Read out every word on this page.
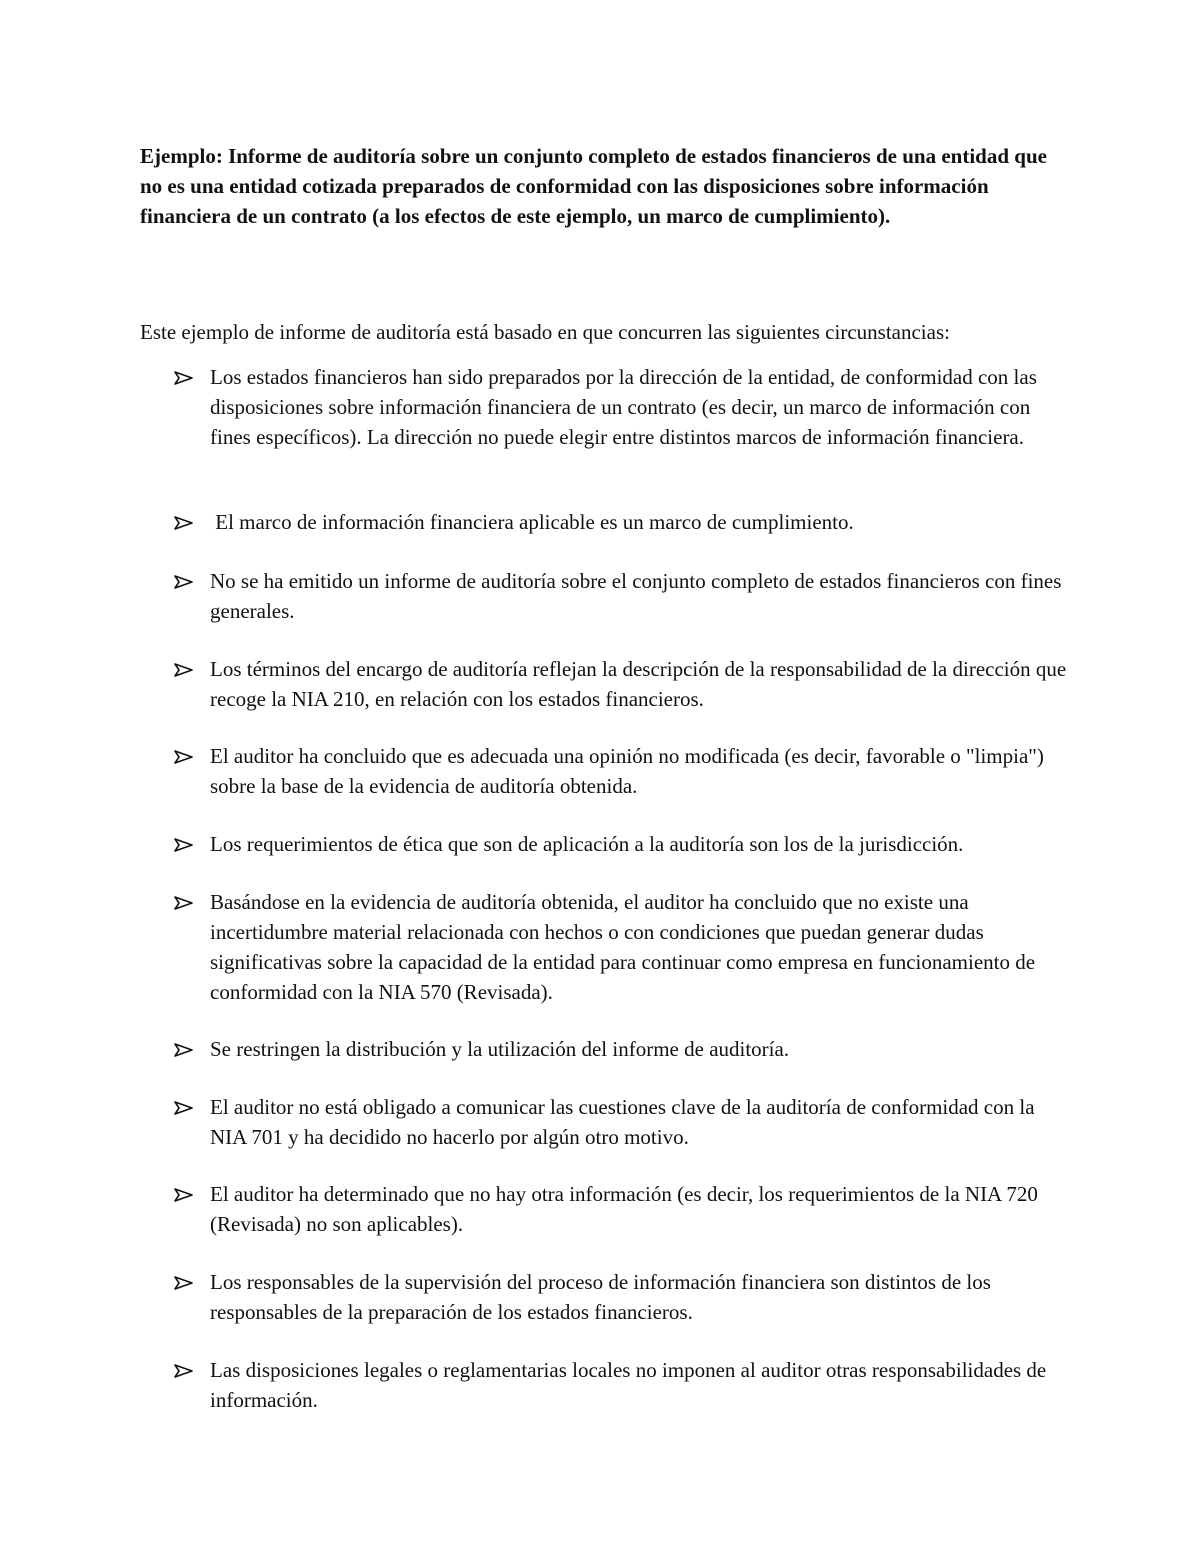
Ejemplo: Informe de auditoría sobre un conjunto completo de estados financieros de una entidad que no es una entidad cotizada preparados de conformidad con las disposiciones sobre información financiera de un contrato (a los efectos de este ejemplo, un marco de cumplimiento).

Este ejemplo de informe de auditoría está basado en que concurren las siguientes circunstancias:

Los estados financieros han sido preparados por la dirección de la entidad, de conformidad con las disposiciones sobre información financiera de un contrato (es decir, un marco de información con fines específicos). La dirección no puede elegir entre distintos marcos de información financiera.
El marco de información financiera aplicable es un marco de cumplimiento.
No se ha emitido un informe de auditoría sobre el conjunto completo de estados financieros con fines generales.
Los términos del encargo de auditoría reflejan la descripción de la responsabilidad de la dirección que recoge la NIA 210, en relación con los estados financieros.
El auditor ha concluido que es adecuada una opinión no modificada (es decir, favorable o "limpia") sobre la base de la evidencia de auditoría obtenida.
Los requerimientos de ética que son de aplicación a la auditoría son los de la jurisdicción.
Basándose en la evidencia de auditoría obtenida, el auditor ha concluido que no existe una incertidumbre material relacionada con hechos o con condiciones que puedan generar dudas significativas sobre la capacidad de la entidad para continuar como empresa en funcionamiento de conformidad con la NIA 570 (Revisada).
Se restringen la distribución y la utilización del informe de auditoría.
El auditor no está obligado a comunicar las cuestiones clave de la auditoría de conformidad con la NIA 701 y ha decidido no hacerlo por algún otro motivo.
El auditor ha determinado que no hay otra información (es decir, los requerimientos de la NIA 720 (Revisada) no son aplicables).
Los responsables de la supervisión del proceso de información financiera son distintos de los responsables de la preparación de los estados financieros.
Las disposiciones legales o reglamentarias locales no imponen al auditor otras responsabilidades de información.
